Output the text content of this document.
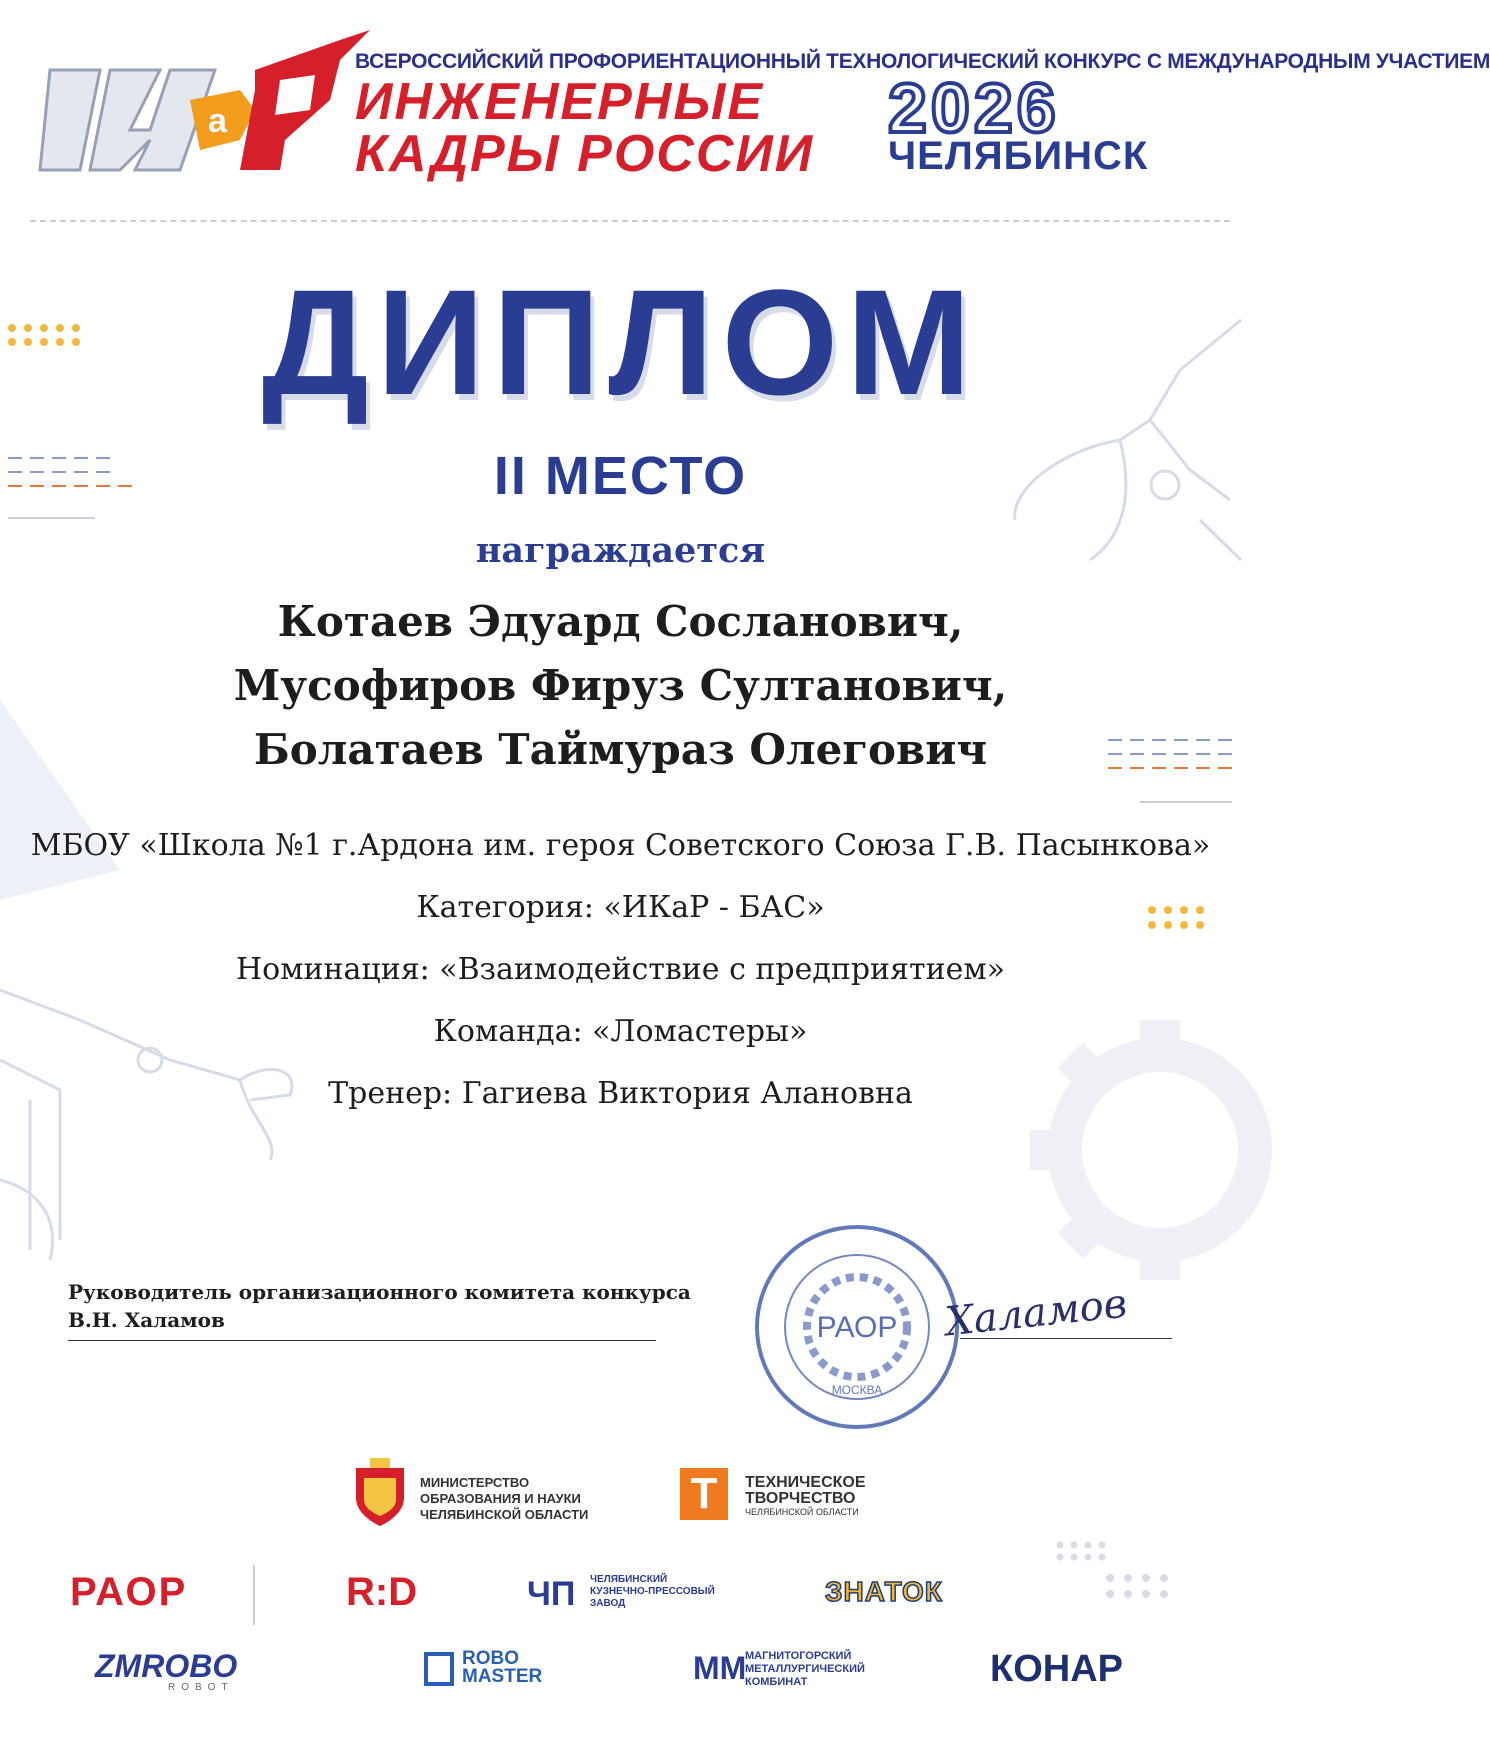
a
ВСЕРОССИЙСКИЙ ПРОФОРИЕНТАЦИОННЫЙ ТЕХНОЛОГИЧЕСКИЙ КОНКУРС С МЕЖДУНАРОДНЫМ УЧАСТИЕМ
ИНЖЕНЕРНЫЕ
КАДРЫ РОССИИ
2026
ЧЕЛЯБИНСК
ДИПЛОМ
II МЕСТО
награждается
Котаев Эдуард Сосланович,
Мусофиров Фируз Султанович,
Болатаев Таймураз Олегович
МБОУ «Школа №1 г.Ардона им. героя Советского Союза Г.В. Пасынкова»
Категория: «ИКаР - БАС»
Номинация: «Взаимодействие с предприятием»
Команда: «Ломастеры»
Тренер: Гагиева Виктория Алановна
Руководитель организационного комитета конкурса
В.Н. Халамов	РАОР
МОСКВА
Халамов
МИНИСТЕРСТВО
ОБРАЗОВАНИЯ И НАУКИ
ЧЕЛЯБИНСКОЙ ОБЛАСТИ Т	ТЕХНИЧЕСКОЕ
ТВОРЧЕСТВО
ЧЕЛЯБИНСКОЙ ОБЛАСТИ
РАОР	R:D	ЧП ЧЕЛЯБИНСКИЙ
КУЗНЕЧНО-ПРЕССОВЫЙ
ЗАВОД	ЗНАТОК
ZMROBO
ROBOT
ROBO
MASTER	ММ
МАГНИТОГОРСКИЙ
МЕТАЛЛУРГИЧЕСКИЙ
КОМБИНАТ	КОНАР
